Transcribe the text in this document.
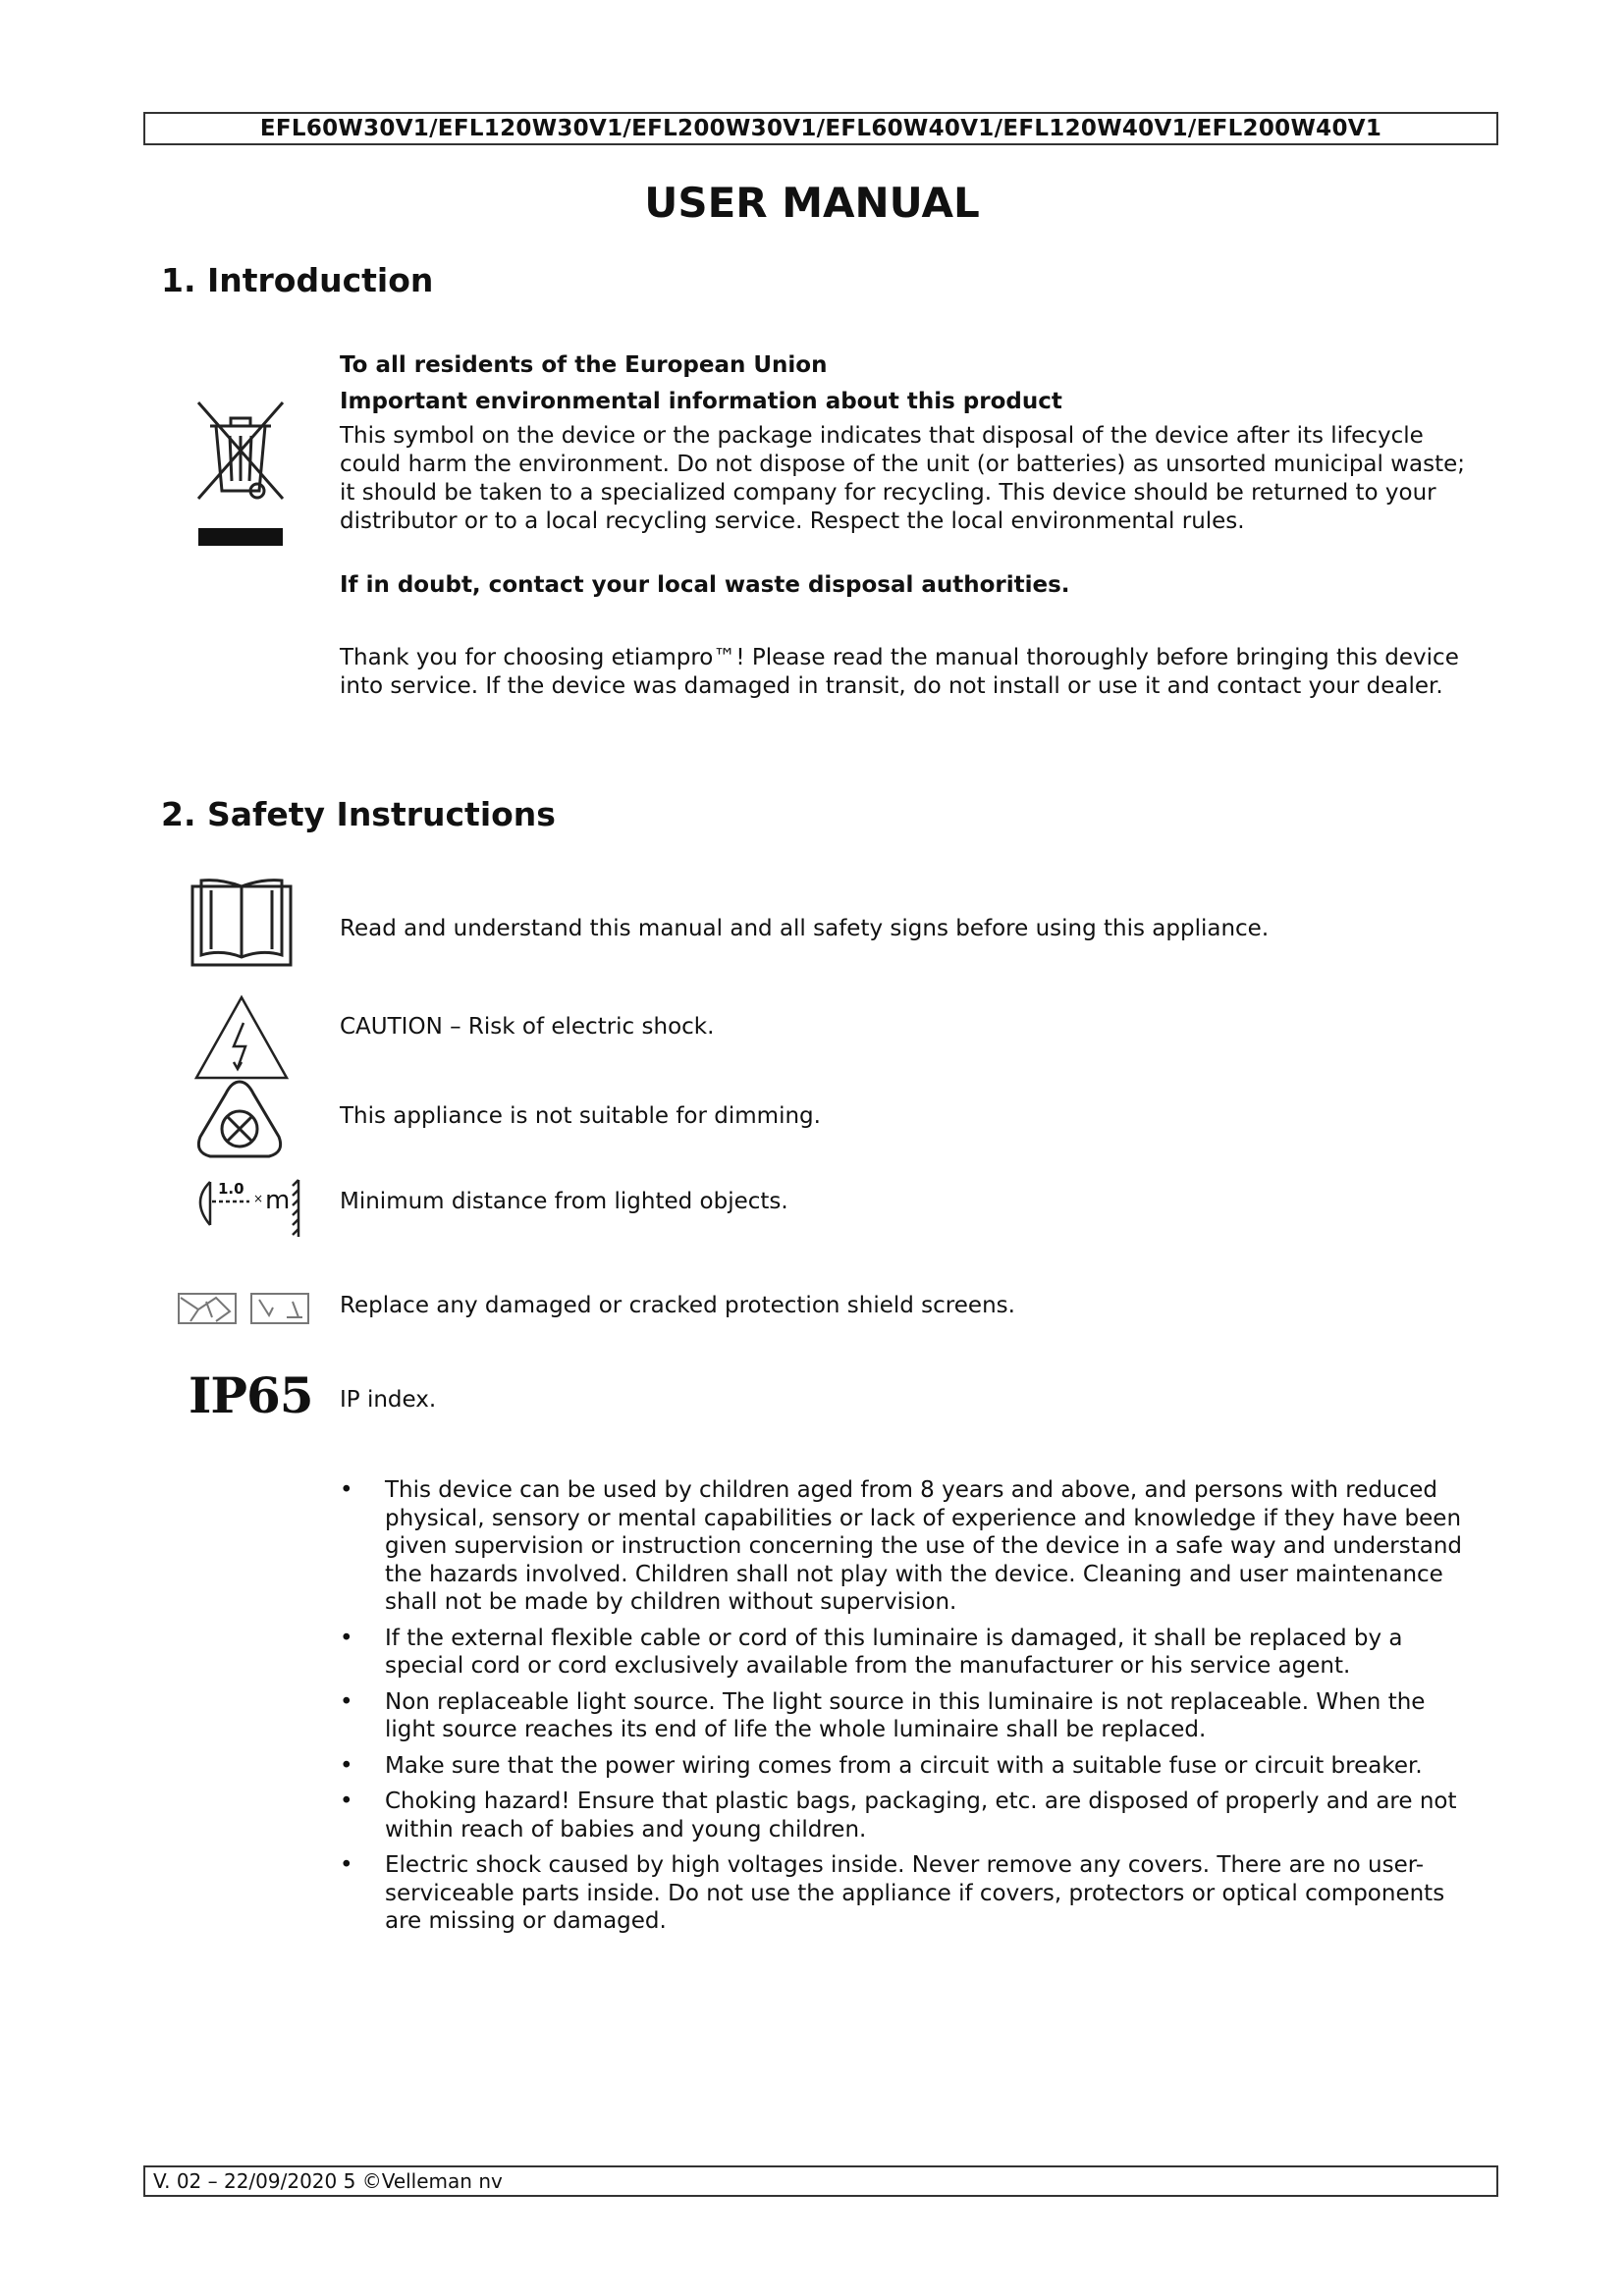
EFL60W30V1/EFL120W30V1/EFL200W30V1/EFL60W40V1/EFL120W40V1/EFL200W40V1
USER MANUAL
1. Introduction
To all residents of the European Union
Important environmental information about this product
This symbol on the device or the package indicates that disposal of the device after its lifecycle could harm the environment. Do not dispose of the unit (or batteries) as unsorted municipal waste; it should be taken to a specialized company for recycling. This device should be returned to your distributor or to a local recycling service. Respect the local environmental rules.
If in doubt, contact your local waste disposal authorities.
Thank you for choosing etiampro™! Please read the manual thoroughly before bringing this device into service. If the device was damaged in transit, do not install or use it and contact your dealer.
2. Safety Instructions
Read and understand this manual and all safety signs before using this appliance.
CAUTION – Risk of electric shock.
This appliance is not suitable for dimming.
1.0
× m Minimum distance from lighted objects.
Replace any damaged or cracked protection shield screens.
IP65 IP index.
• This device can be used by children aged from 8 years and above, and persons with reduced physical, sensory or mental capabilities or lack of experience and knowledge if they have been given supervision or instruction concerning the use of the device in a safe way and understand the hazards involved. Children shall not play with the device. Cleaning and user maintenance shall not be made by children without supervision.
• If the external flexible cable or cord of this luminaire is damaged, it shall be replaced by a special cord or cord exclusively available from the manufacturer or his service agent.
• Non replaceable light source. The light source in this luminaire is not replaceable. When the light source reaches its end of life the whole luminaire shall be replaced.
• Make sure that the power wiring comes from a circuit with a suitable fuse or circuit breaker.
• Choking hazard! Ensure that plastic bags, packaging, etc. are disposed of properly and are not within reach of babies and young children.
• Electric shock caused by high voltages inside. Never remove any covers. There are no user-serviceable parts inside. Do not use the appliance if covers, protectors or optical components are missing or damaged.
V. 02 – 22/09/2020 5 ©Velleman nv
